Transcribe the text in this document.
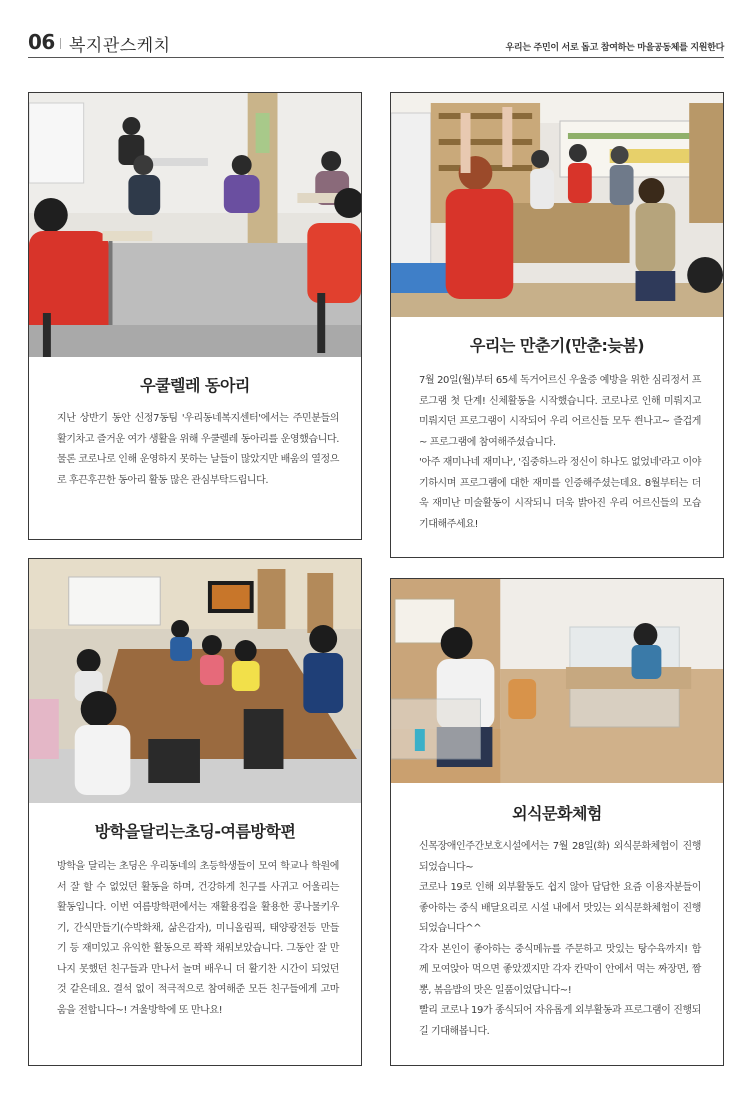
06 복지관스케치	우리는 주민이 서로 돕고 참여하는 마을공동체를 지원한다
우쿨렐레 동아리

지난 상반기 동안 신정7동팀 '우리동네복지센터'에서는 주민분들의 활기차고 즐거운 여가 생활을 위해 우쿨렐레 동아리를 운영했습니다. 물론 코로나로 인해 운영하지 못하는 날들이 많았지만 배움의 열정으로 후끈후끈한 동아리 활동 많은 관심부탁드립니다.

우리는 만춘기(만춘:늦봄)

7월 20일(월)부터 65세 독거어르신 우울증 예방을 위한 심리정서 프로그램 첫 단계! 신체활동을 시작했습니다. 코로나로 인해 미뤄지고 미뤄지던 프로그램이 시작되어 우리 어르신들 모두 씐나고~ 즐겁게~ 프로그램에 참여해주셨습니다.

'아주 재미나네 재미나', '집중하느라 정신이 하나도 없었네'라고 이야기하시며 프로그램에 대한 재미를 인증해주셨는데요. 8월부터는 더욱 재미난 미술활동이 시작되니 더욱 밝아진 우리 어르신들의 모습 기대해주세요!

방학을달리는초딩-여름방학편

방학을 달리는 초딩은 우리동네의 초등학생들이 모여 학교나 학원에서 잘 할 수 없었던 활동을 하며, 건강하게 친구를 사귀고 어울리는 활동입니다. 이번 여름방학편에서는 재활용컵을 활용한 콩나물키우기, 간식만들기(수박화채, 삶은감자), 미니올림픽, 태양광전등 만들기 등 재미있고 유익한 활동으로 꽉꽉 채워보았습니다. 그동안 잘 만나지 못했던 친구들과 만나서 놀며 배우니 더 활기찬 시간이 되었던것 같은데요. 결석 없이 적극적으로 참여해준 모든 친구들에게 고마움을 전합니다~! 겨울방학에 또 만나요!

외식문화체험

신목장애인주간보호시설에서는 7월 28일(화) 외식문화체험이 진행되었습니다~

코로나 19로 인해 외부활동도 쉽지 않아 답답한 요즘 이용자분들이 좋아하는 중식 배달요리로 시설 내에서 맛있는 외식문화체험이 진행되었습니다^^

각자 본인이 좋아하는 중식메뉴를 주문하고 맛있는 탕수육까지! 함께 모여앉아 먹으면 좋았겠지만 각자 칸막이 안에서 먹는 짜장면, 짬뽕, 볶음밥의 맛은 일품이었답니다~!

빨리 코로나 19가 종식되어 자유롭게 외부활동과 프로그램이 진행되길 기대해봅니다.
